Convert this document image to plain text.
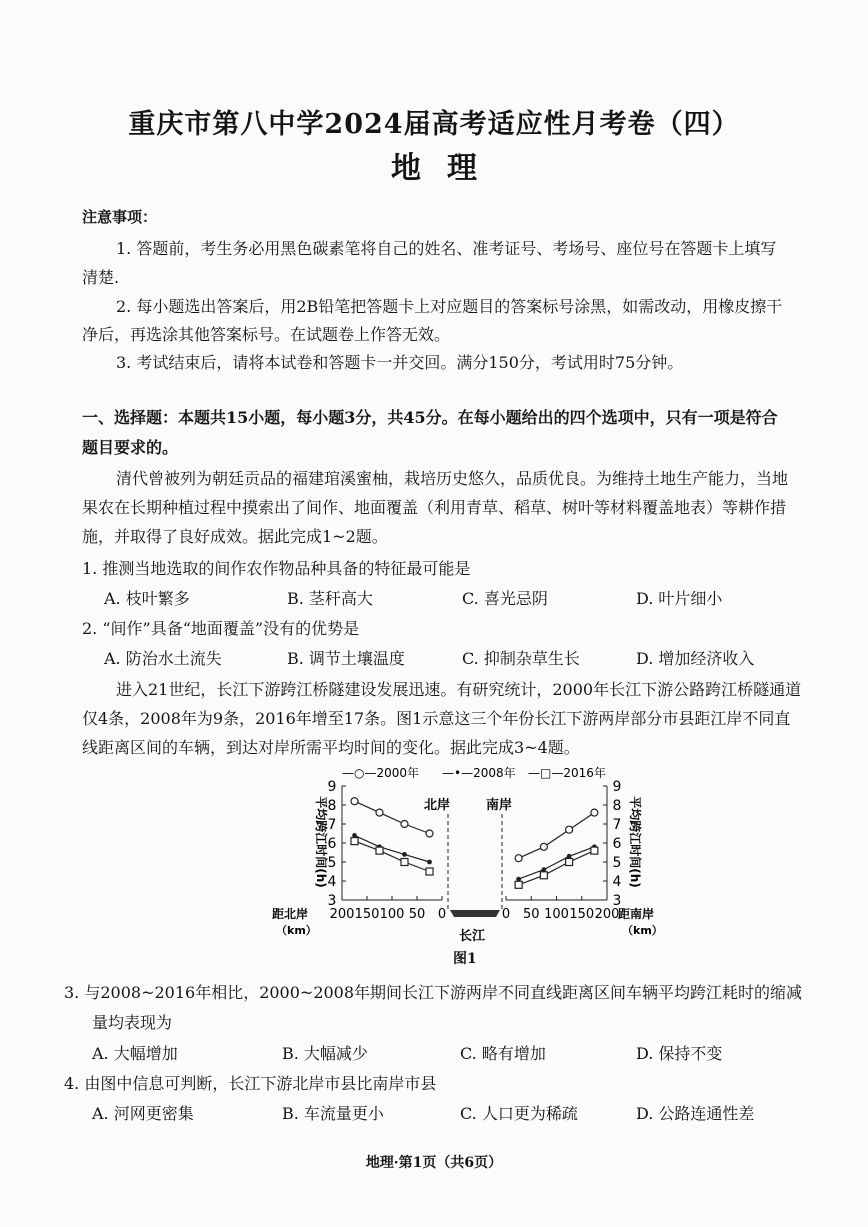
重庆市第八中学2024届高考适应性月考卷（四）
地理
注意事项：
1. 答题前，考生务必用黑色碳素笔将自己的姓名、准考证号、考场号、座位号在答题卡上填写
清楚.
2. 每小题选出答案后，用2B铅笔把答题卡上对应题目的答案标号涂黑，如需改动，用橡皮擦干
净后，再选涂其他答案标号。在试题卷上作答无效。
3. 考试结束后，请将本试卷和答题卡一并交回。满分150分，考试用时75分钟。
一、选择题：本题共15小题，每小题3分，共45分。在每小题给出的四个选项中，只有一项是符合
题目要求的。
清代曾被列为朝廷贡品的福建琯溪蜜柚，栽培历史悠久，品质优良。为维持土地生产能力，当地
果农在长期种植过程中摸索出了间作、地面覆盖（利用青草、稻草、树叶等材料覆盖地表）等耕作措
施，并取得了良好成效。据此完成1~2题。
1. 推测当地选取的间作农作物品种具备的特征最可能是
A. 枝叶繁多	B. 茎秆高大	C. 喜光忌阴	D. 叶片细小
2. “间作”具备“地面覆盖”没有的优势是
A. 防治水土流失	B. 调节土壤温度	C. 抑制杂草生长	D. 增加经济收入
进入21世纪，长江下游跨江桥隧建设发展迅速。有研究统计，2000年长江下游公路跨江桥隧通道
仅4条，2008年为9条，2016年增至17条。图1示意这三个年份长江下游两岸部分市县距江岸不同直
线距离区间的车辆，到达对岸所需平均时间的变化。据此完成3~4题。
—○—2000年 —•—2008年 —□—2016年
北岸	南岸
长江
平均跨江时间(h)	平均跨江时间(h)
距北岸
（km）
距南岸
（km）
9	9
8	8
7	7
6	6
5	5
4	4
3	3
200 150 100 50 0	0 50 100 150 200
图1
3. 与2008~2016年相比，2000~2008年期间长江下游两岸不同直线距离区间车辆平均跨江耗时的缩减
量均表现为
A. 大幅增加	B. 大幅减少	C. 略有增加	D. 保持不变
4. 由图中信息可判断，长江下游北岸市县比南岸市县
A. 河网更密集	B. 车流量更小	C. 人口更为稀疏	D. 公路连通性差
地理·第1页（共6页）
